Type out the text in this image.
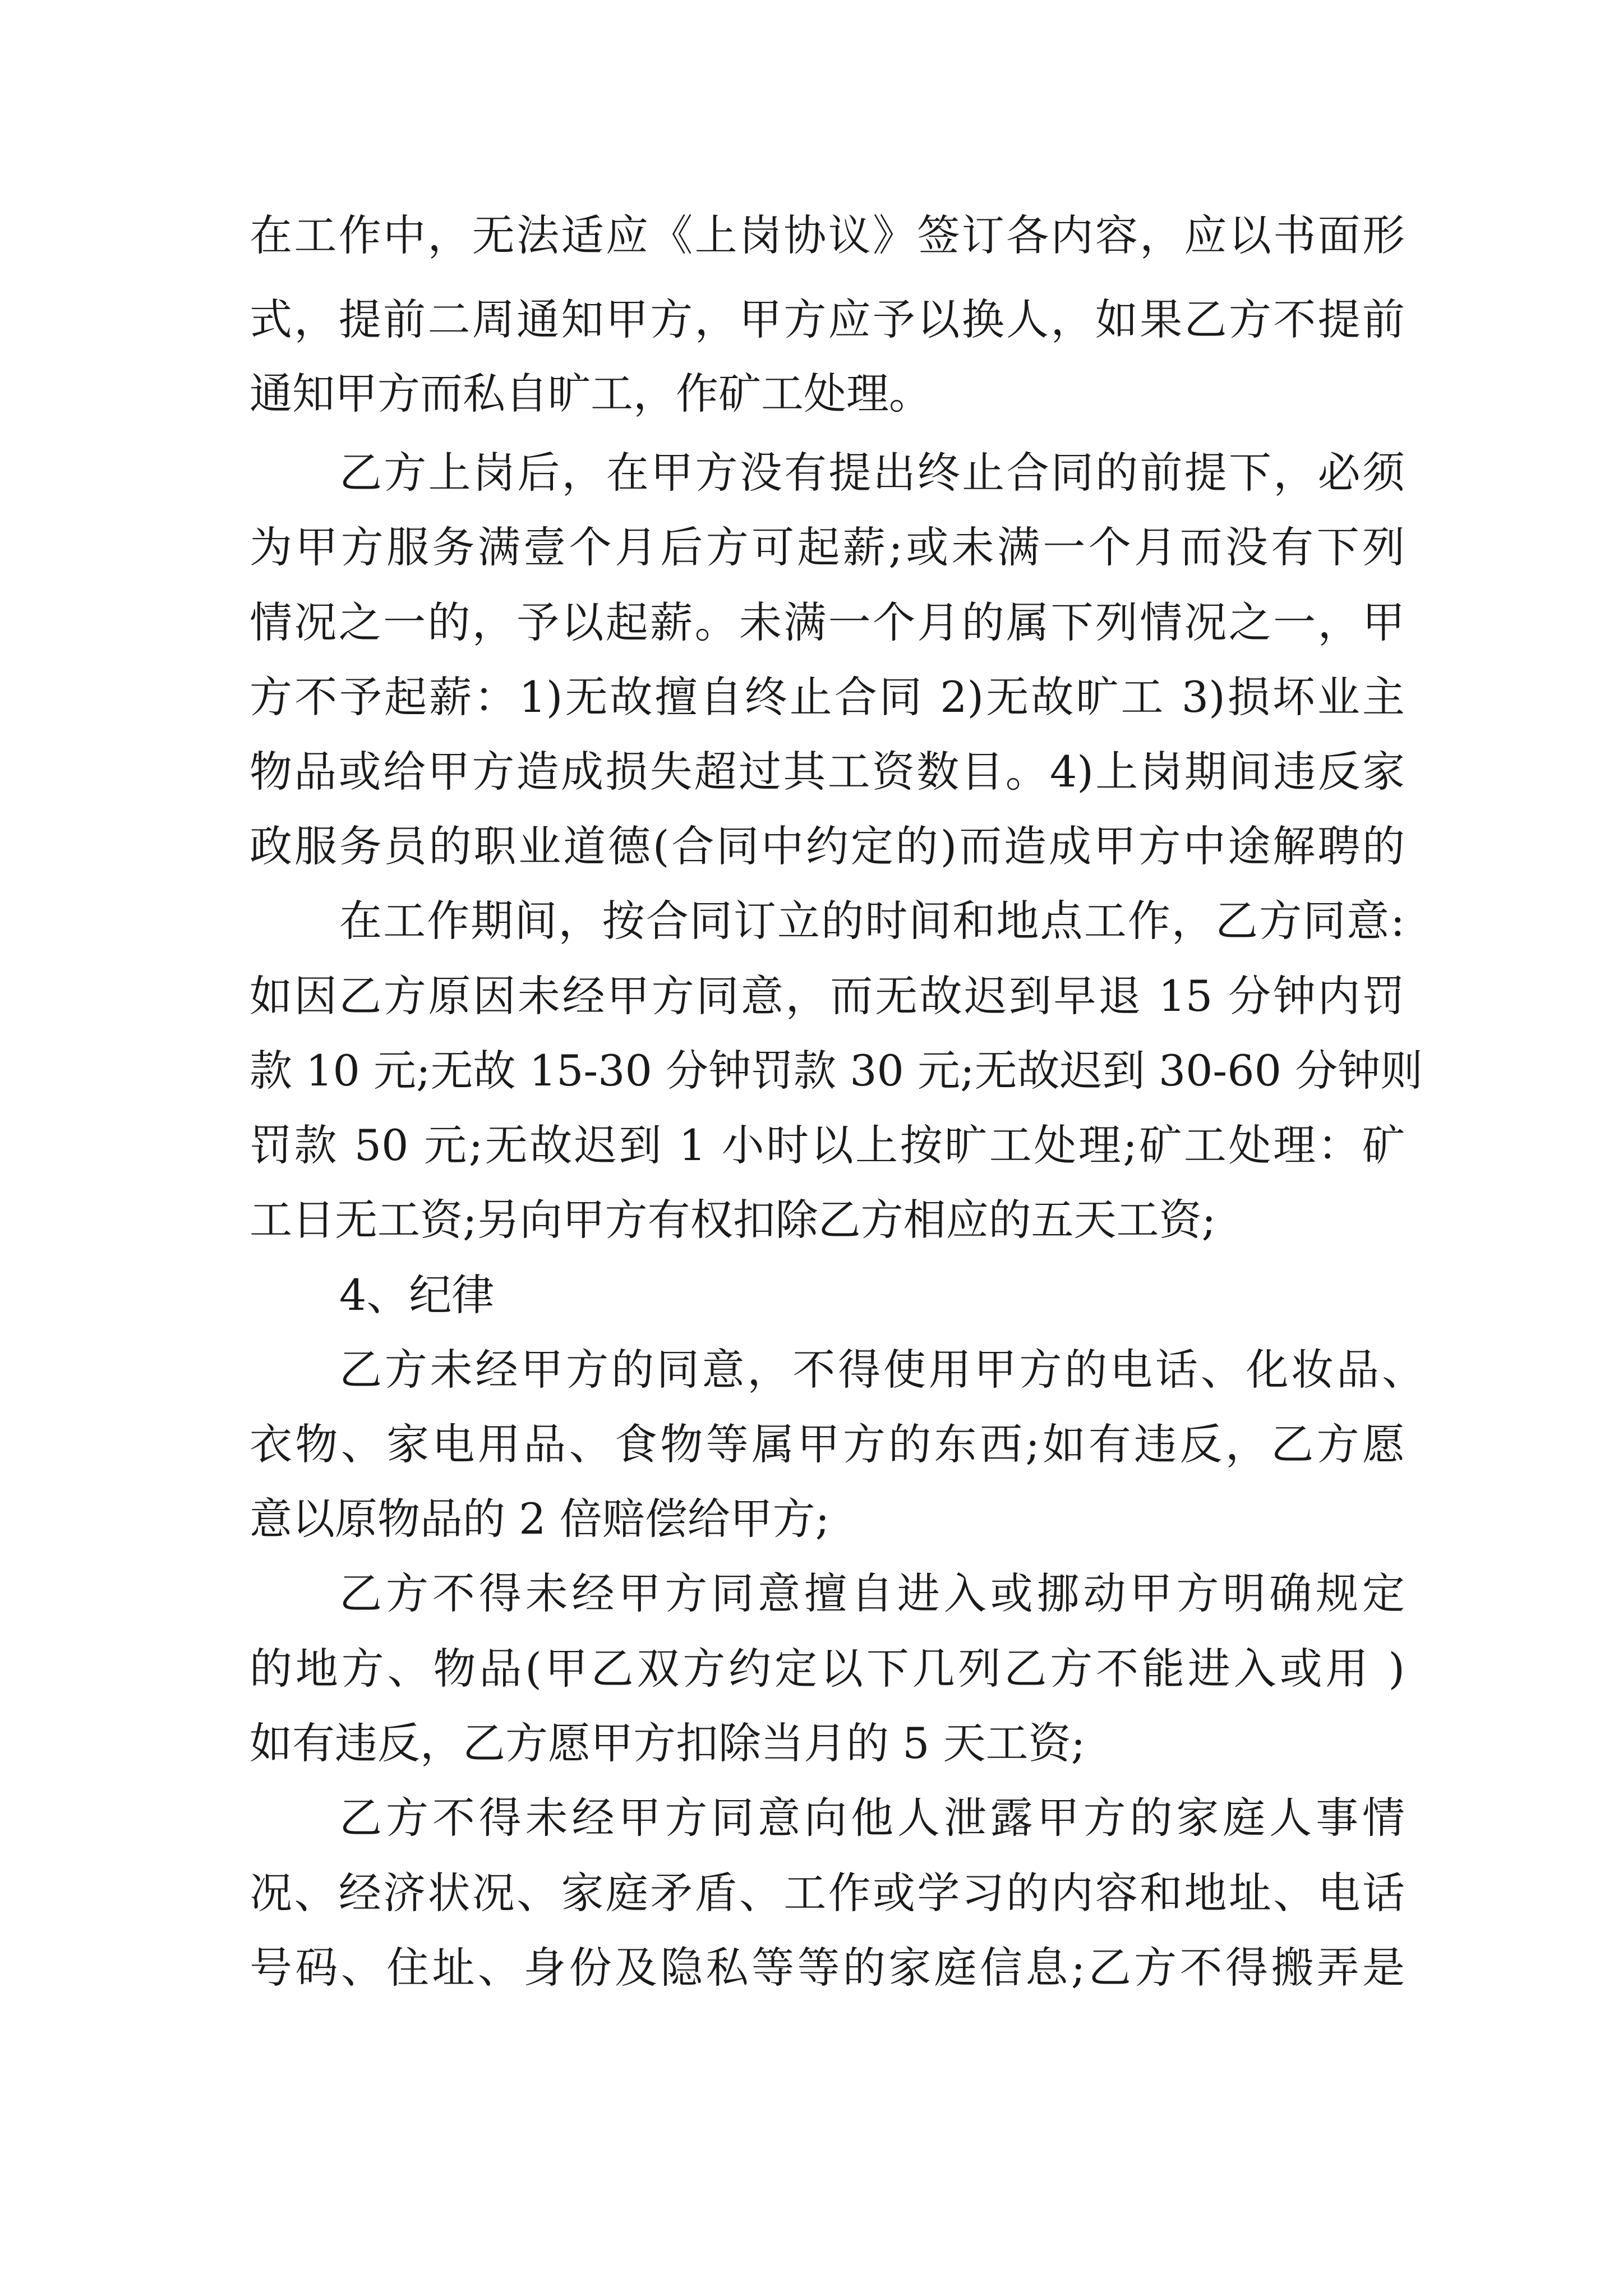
在工作中，无法适应《上岗协议》签订各内容，应以书面形
式，提前二周通知甲方，甲方应予以换人，如果乙方不提前
通知甲方而私自旷工，作矿工处理。
乙方上岗后，在甲方没有提出终止合同的前提下，必须
为甲方服务满壹个月后方可起薪;或未满一个月而没有下列
情况之一的，予以起薪。未满一个月的属下列情况之一，甲
方不予起薪：1)无故擅自终止合同 2)无故旷工 3)损坏业主
物品或给甲方造成损失超过其工资数目。4)上岗期间违反家
政服务员的职业道德(合同中约定的)而造成甲方中途解聘的
在工作期间，按合同订立的时间和地点工作，乙方同意:
如因乙方原因未经甲方同意，而无故迟到早退 15 分钟内罚
款 10 元;无故 15-30 分钟罚款 30 元;无故迟到 30-60 分钟则
罚款 50 元;无故迟到 1 小时以上按旷工处理;矿工处理：矿
工日无工资;另向甲方有权扣除乙方相应的五天工资;
4、纪律
乙方未经甲方的同意，不得使用甲方的电话、化妆品、
衣物、家电用品、食物等属甲方的东西;如有违反，乙方愿
意以原物品的 2 倍赔偿给甲方;
乙方不得未经甲方同意擅自进入或挪动甲方明确规定
的地方、物品(甲乙双方约定以下几列乙方不能进入或用 )
如有违反，乙方愿甲方扣除当月的 5 天工资;
乙方不得未经甲方同意向他人泄露甲方的家庭人事情
况、经济状况、家庭矛盾、工作或学习的内容和地址、电话
号码、住址、身份及隐私等等的家庭信息;乙方不得搬弄是
